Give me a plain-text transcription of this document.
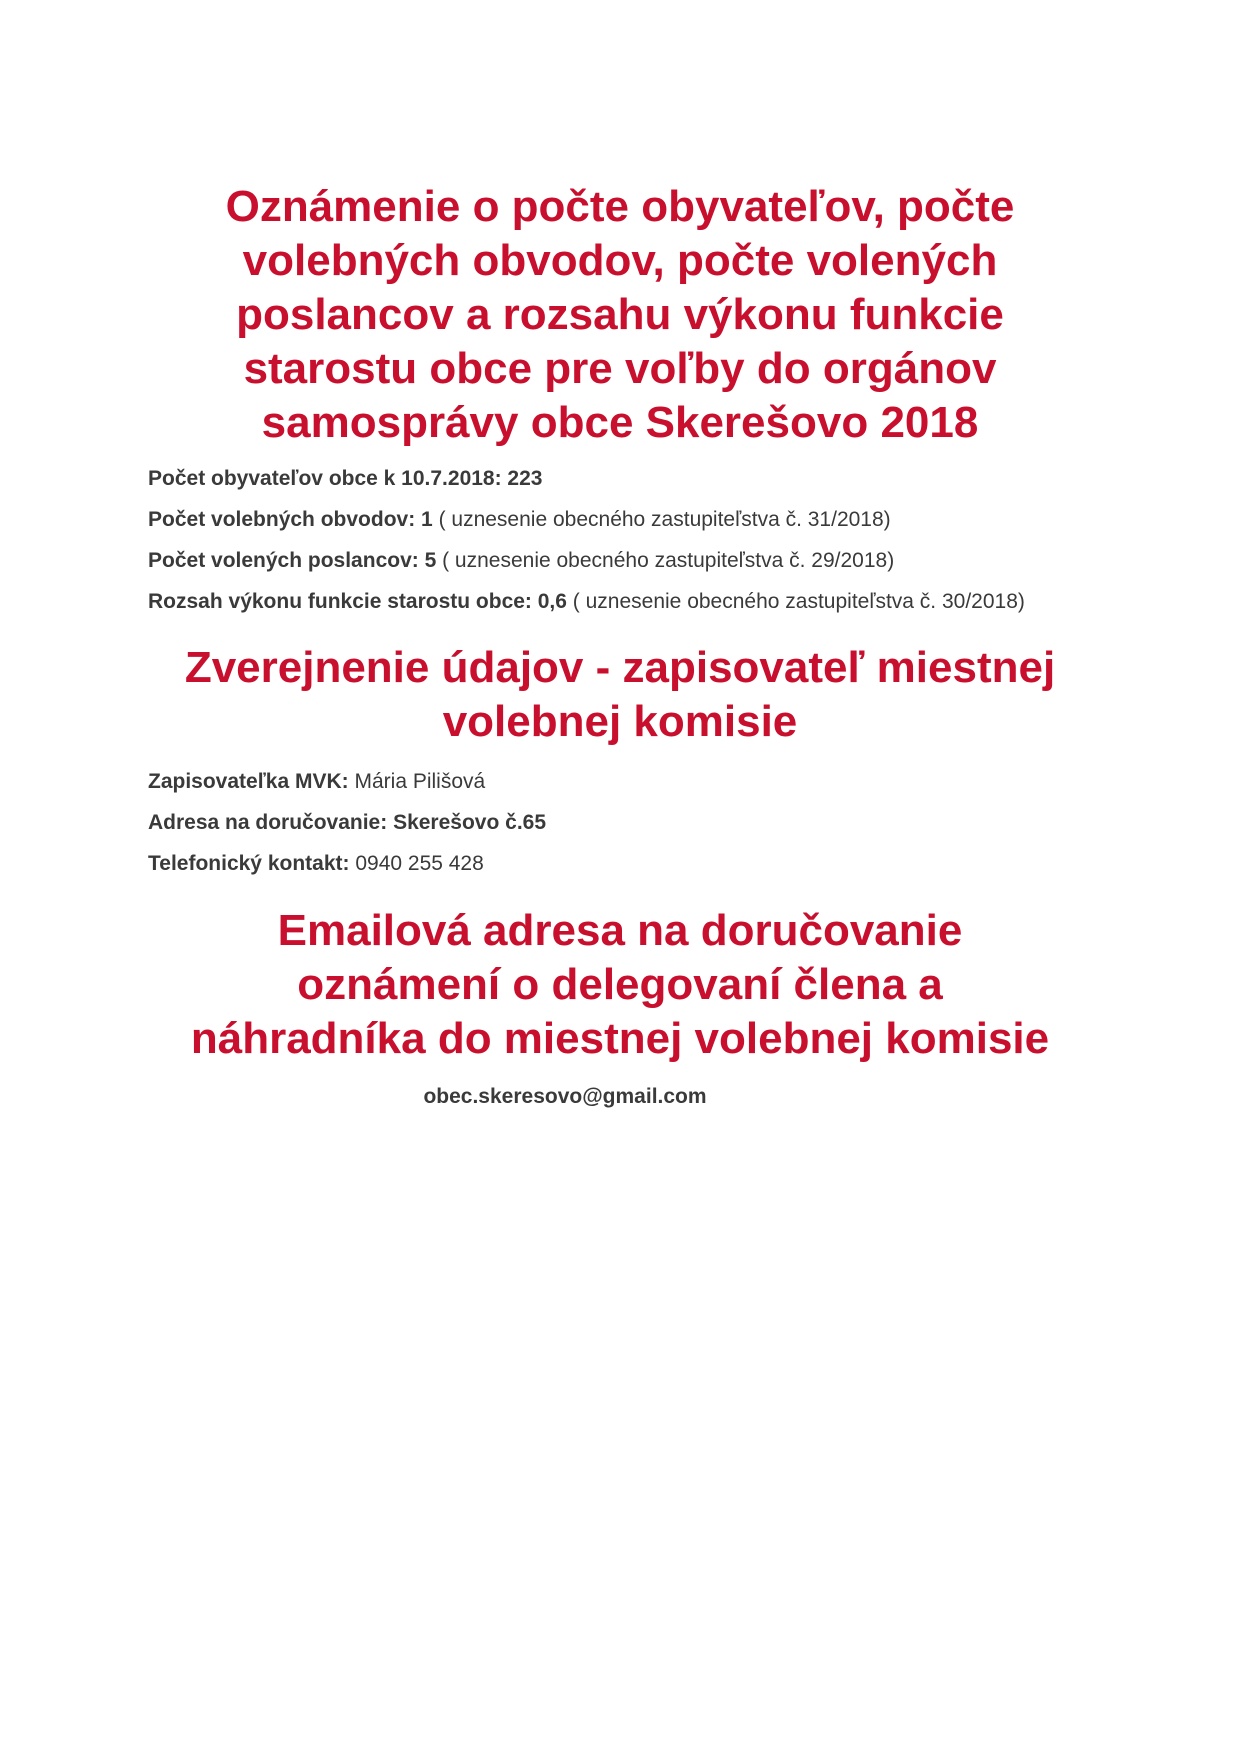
Oznámenie o počte obyvateľov, počte
volebných obvodov, počte volených
poslancov a rozsahu výkonu funkcie
starostu obce pre voľby do orgánov
samosprávy obce Skerešovo 2018
Počet obyvateľov obce k 10.7.2018: 223
Počet volebných obvodov: 1 ( uznesenie obecného zastupiteľstva č. 31/2018)
Počet volených poslancov: 5 ( uznesenie obecného zastupiteľstva č. 29/2018)
Rozsah výkonu funkcie starostu obce: 0,6 ( uznesenie obecného zastupiteľstva č. 30/2018)
Zverejnenie údajov - zapisovateľ miestnej
volebnej komisie
Zapisovateľka MVK: Mária Pilišová
Adresa na doručovanie: Skerešovo č.65
Telefonický kontakt: 0940 255 428
Emailová adresa na doručovanie
oznámení o delegovaní člena a
náhradníka do miestnej volebnej komisie
obec.skeresovo@gmail.com
